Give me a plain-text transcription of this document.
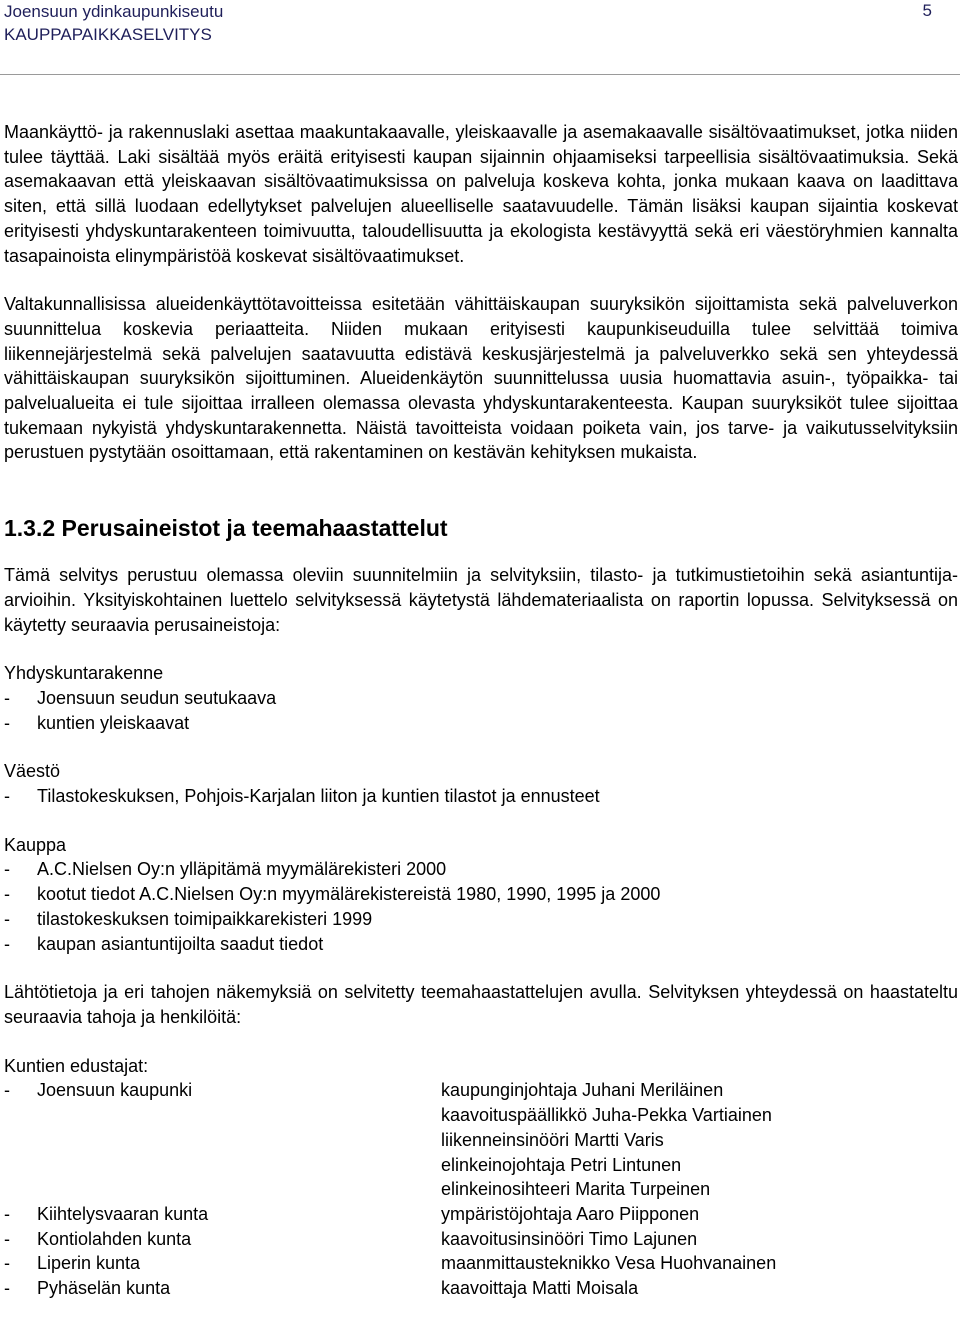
Joensuun ydinkaupunkiseutu
KAUPPAPAIKKASELVITYS
5

Maankäyttö- ja rakennuslaki asettaa maakuntakaavalle, yleiskaavalle ja asemakaavalle sisältövaatimukset, jotka niiden tulee täyttää. Laki sisältää myös eräitä erityisesti kaupan sijainnin ohjaamiseksi tarpeellisia sisältövaatimuksia. Sekä asemakaavan että yleiskaavan sisältövaatimuksissa on palveluja koskeva kohta, jonka mukaan kaava on laadittava siten, että sillä luodaan edellytykset palvelujen alueelliselle saatavuudelle. Tämän lisäksi kaupan sijaintia koskevat erityisesti yhdyskuntarakenteen toimivuutta, taloudellisuutta ja ekologista kestävyyttä sekä eri väestöryhmien kannalta tasapainoista elinympäristöä koskevat sisältövaatimukset.

Valtakunnallisissa alueidenkäyttötavoitteissa esitetään vähittäiskaupan suuryksikön sijoittamista sekä palveluverkon suunnittelua koskevia periaatteita. Niiden mukaan erityisesti kaupunkiseuduilla tulee selvittää toimiva liikennejärjestelmä sekä palvelujen saatavuutta edistävä keskusjärjestelmä ja palveluverkko sekä sen yhteydessä vähittäiskaupan suuryksikön sijoittuminen. Alueidenkäytön suunnittelussa uusia huomattavia asuin-, työpaikka- tai palvelualueita ei tule sijoittaa irralleen olemassa olevasta yhdyskuntarakenteesta. Kaupan suuryksiköt tulee sijoittaa tukemaan nykyistä yhdyskuntarakennetta. Näistä tavoitteista voidaan poiketa vain, jos tarve- ja vaikutusselvityksiin perustuen pystytään osoittamaan, että rakentaminen on kestävän kehityksen mukaista.

1.3.2 Perusaineistot ja teemahaastattelut

Tämä selvitys perustuu olemassa oleviin suunnitelmiin ja selvityksiin, tilasto- ja tutkimustietoihin sekä asiantuntija-arvioihin. Yksityiskohtainen luettelo selvityksessä käytetystä lähdemateriaalista on raportin lopussa. Selvityksessä on käytetty seuraavia perusaineistoja:

Yhdyskuntarakenne
-	Joensuun seudun seutukaava
-	kuntien yleiskaavat
Väestö
-	Tilastokeskuksen, Pohjois-Karjalan liiton ja kuntien tilastot ja ennusteet
Kauppa
-	A.C.Nielsen Oy:n ylläpitämä myymälärekisteri 2000
-	kootut tiedot A.C.Nielsen Oy:n myymälärekistereistä 1980, 1990, 1995 ja 2000
-	tilastokeskuksen toimipaikkarekisteri 1999
-	kaupan asiantuntijoilta saadut tiedot

Lähtötietoja ja eri tahojen näkemyksiä on selvitetty teemahaastattelujen avulla. Selvityksen yhteydessä on haastateltu seuraavia tahoja ja henkilöitä:

Kuntien edustajat:
-	Joensuun kaupunki	kaupunginjohtaja Juhani Meriläinen
kaavoituspäällikkö Juha-Pekka Vartiainen
liikenneinsinööri Martti Varis
elinkeinojohtaja Petri Lintunen
elinkeinosihteeri Marita Turpeinen
-	Kiihtelysvaaran kunta	ympäristöjohtaja Aaro Piipponen
-	Kontiolahden kunta	kaavoitusinsinööri Timo Lajunen
-	Liperin kunta	maanmittausteknikko Vesa Huohvanainen
-	Pyhäselän kunta	kaavoittaja Matti Moisala
